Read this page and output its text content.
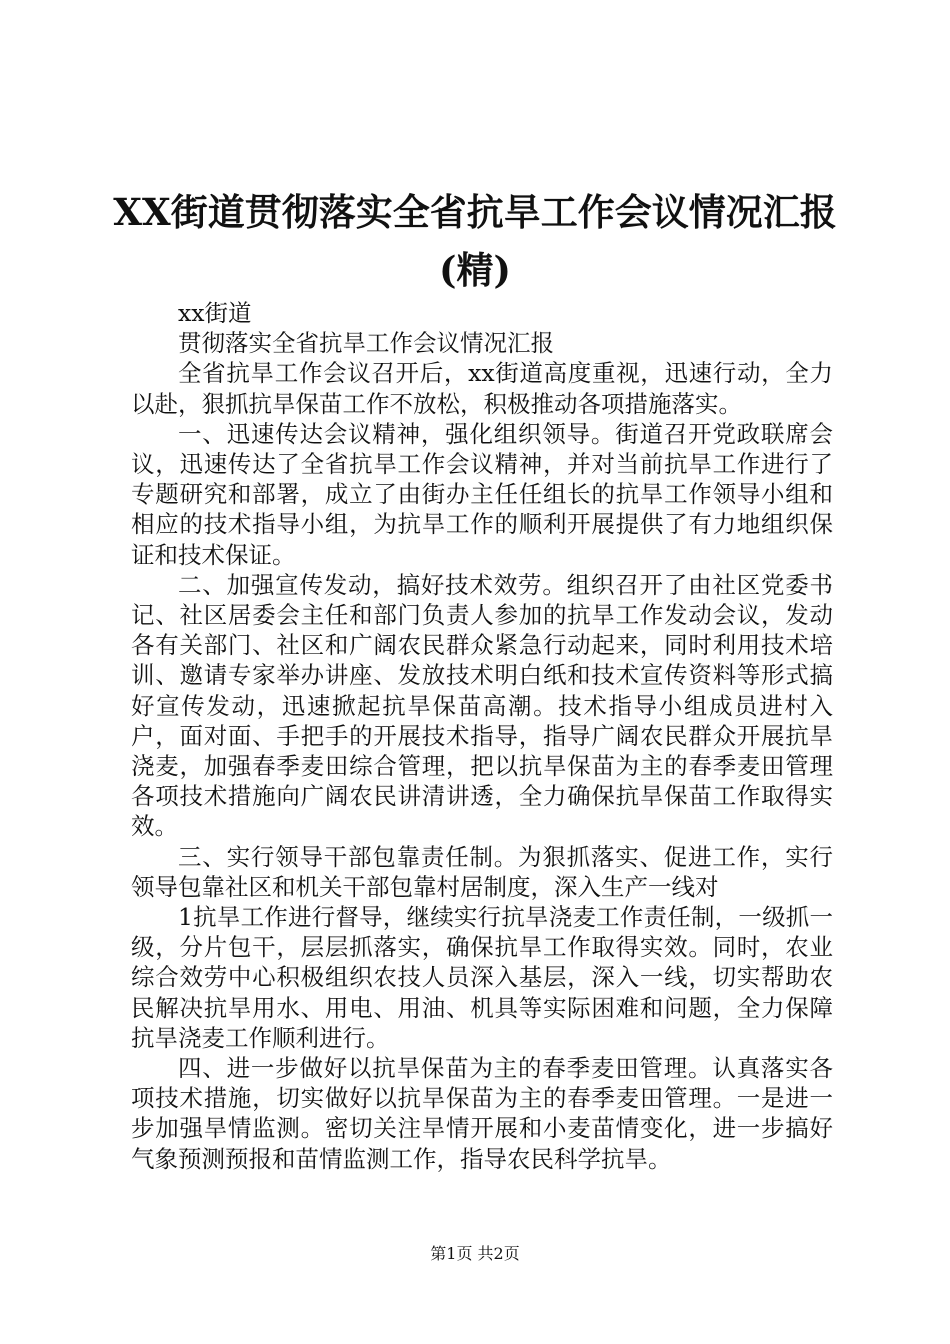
XX街道贯彻落实全省抗旱工作会议情况汇报
(精)

xx街道

贯彻落实全省抗旱工作会议情况汇报

全省抗旱工作会议召开后，xx街道高度重视，迅速行动，全力以赴，狠抓抗旱保苗工作不放松，积极推动各项措施落实。

一、迅速传达会议精神，强化组织领导。街道召开党政联席会议，迅速传达了全省抗旱工作会议精神，并对当前抗旱工作进行了专题研究和部署，成立了由街办主任任组长的抗旱工作领导小组和相应的技术指导小组，为抗旱工作的顺利开展提供了有力地组织保证和技术保证。

二、加强宣传发动，搞好技术效劳。组织召开了由社区党委书记、社区居委会主任和部门负责人参加的抗旱工作发动会议，发动各有关部门、社区和广阔农民群众紧急行动起来，同时利用技术培训、邀请专家举办讲座、发放技术明白纸和技术宣传资料等形式搞好宣传发动，迅速掀起抗旱保苗高潮。技术指导小组成员进村入户，面对面、手把手的开展技术指导，指导广阔农民群众开展抗旱浇麦，加强春季麦田综合管理，把以抗旱保苗为主的春季麦田管理各项技术措施向广阔农民讲清讲透，全力确保抗旱保苗工作取得实效。

三、实行领导干部包靠责任制。为狠抓落实、促进工作，实行领导包靠社区和机关干部包靠村居制度，深入生产一线对

1抗旱工作进行督导，继续实行抗旱浇麦工作责任制，一级抓一级，分片包干，层层抓落实，确保抗旱工作取得实效。同时，农业综合效劳中心积极组织农技人员深入基层，深入一线，切实帮助农民解决抗旱用水、用电、用油、机具等实际困难和问题，全力保障抗旱浇麦工作顺利进行。

四、进一步做好以抗旱保苗为主的春季麦田管理。认真落实各项技术措施，切实做好以抗旱保苗为主的春季麦田管理。一是进一步加强旱情监测。密切关注旱情开展和小麦苗情变化，进一步搞好气象预测预报和苗情监测工作，指导农民科学抗旱。

第1页 共2页
